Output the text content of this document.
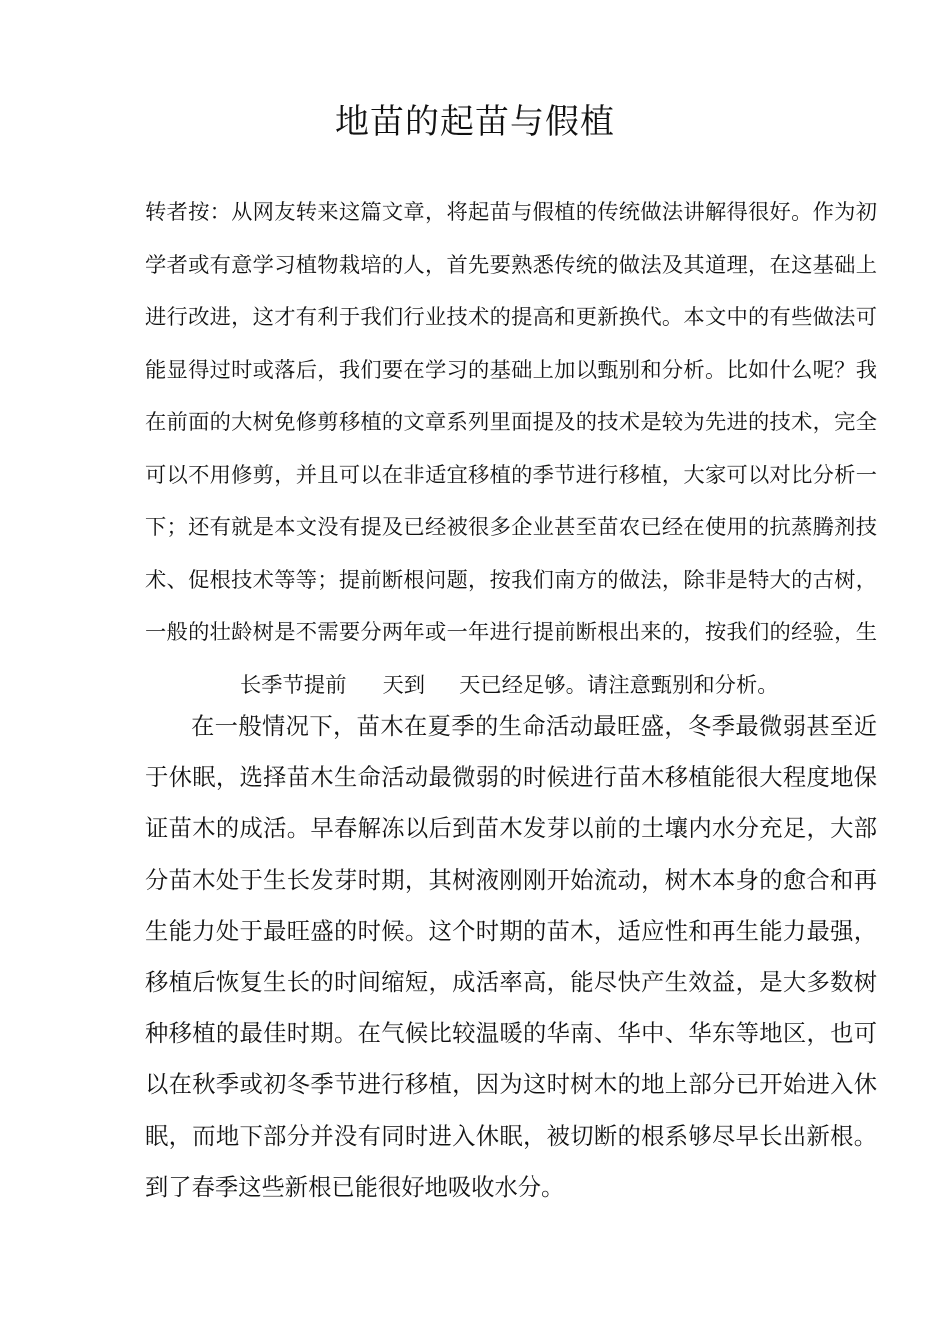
地苗的起苗与假植
转者按：从网友转来这篇文章，将起苗与假植的传统做法讲解得很好。作为初
学者或有意学习植物栽培的人，首先要熟悉传统的做法及其道理，在这基础上
进行改进，这才有利于我们行业技术的提高和更新换代。本文中的有些做法可
能显得过时或落后，我们要在学习的基础上加以甄别和分析。比如什么呢？我
在前面的大树免修剪移植的文章系列里面提及的技术是较为先进的技术，完全
可以不用修剪，并且可以在非适宜移植的季节进行移植，大家可以对比分析一
下；还有就是本文没有提及已经被很多企业甚至苗农已经在使用的抗蒸腾剂技
术、促根技术等等；提前断根问题，按我们南方的做法，除非是特大的古树，
一般的壮龄树是不需要分两年或一年进行提前断根出来的，按我们的经验，生
长季节提前 天到 天已经足够。请注意甄别和分析。
在一般情况下，苗木在夏季的生命活动最旺盛，冬季最微弱甚至近
于休眠，选择苗木生命活动最微弱的时候进行苗木移植能很大程度地保
证苗木的成活。早春解冻以后到苗木发芽以前的土壤内水分充足，大部
分苗木处于生长发芽时期，其树液刚刚开始流动，树木本身的愈合和再
生能力处于最旺盛的时候。这个时期的苗木，适应性和再生能力最强，
移植后恢复生长的时间缩短，成活率高，能尽快产生效益，是大多数树
种移植的最佳时期。在气候比较温暖的华南、华中、华东等地区，也可
以在秋季或初冬季节进行移植，因为这时树木的地上部分已开始进入休
眠，而地下部分并没有同时进入休眠，被切断的根系够尽早长出新根。
到了春季这些新根已能很好地吸收水分。
